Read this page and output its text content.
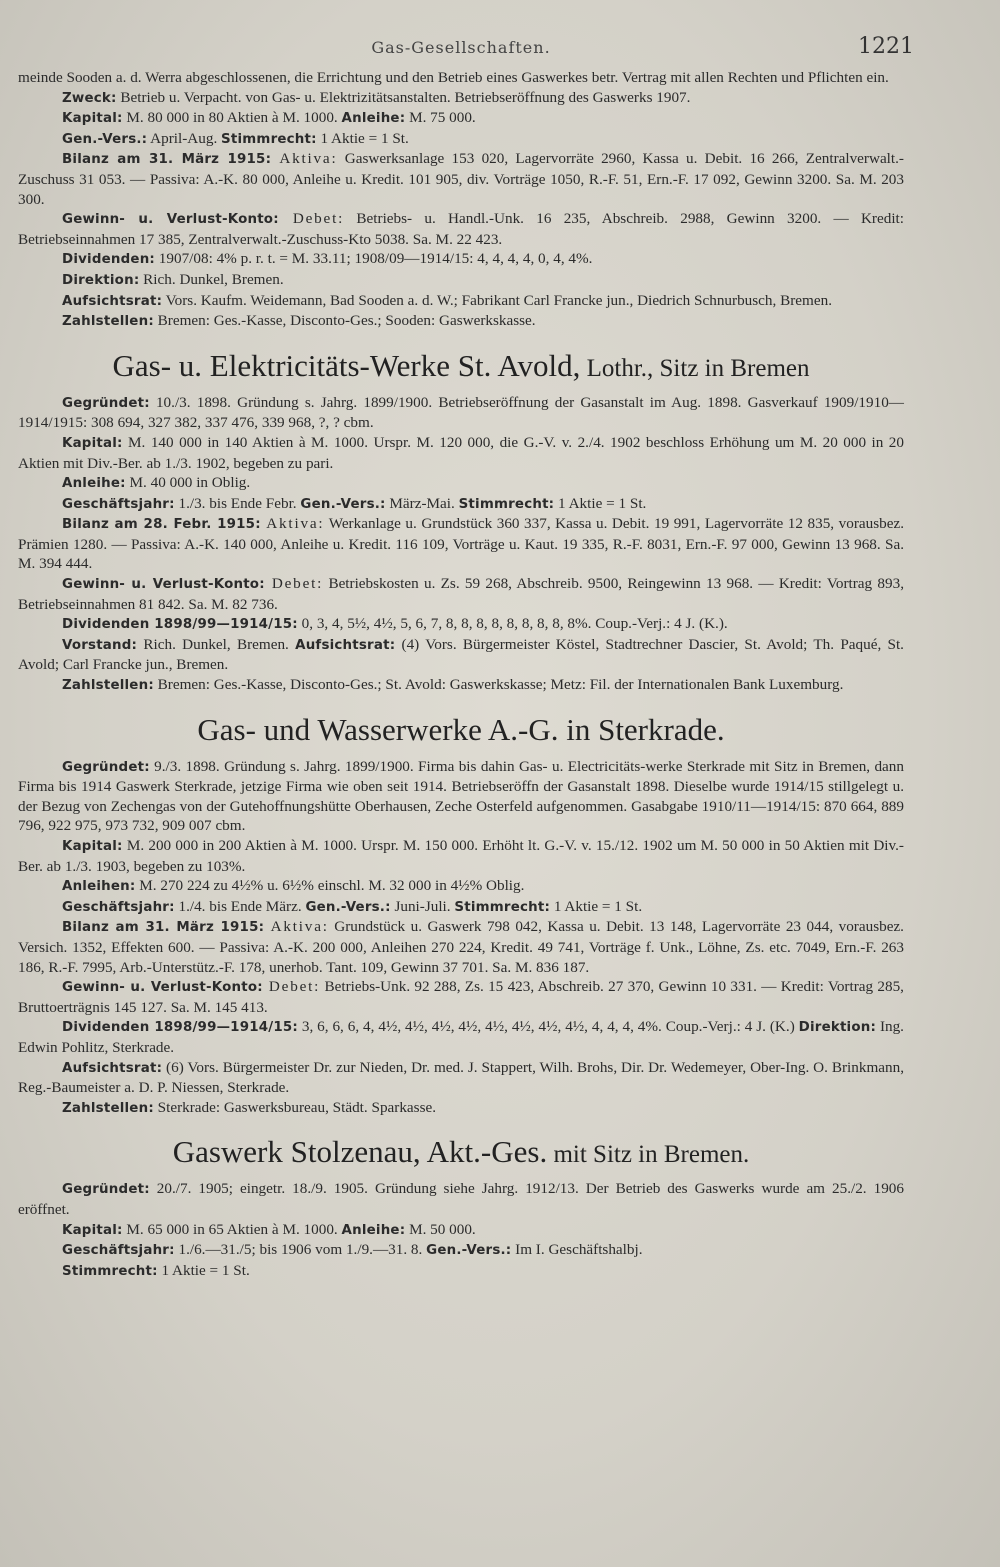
Gas-Gesellschaften.	1221

meinde Sooden a. d. Werra abgeschlossenen, die Errichtung und den Betrieb eines Gaswerkes betr. Vertrag mit allen Rechten und Pflichten ein.

Zweck: Betrieb u. Verpacht. von Gas- u. Elektrizitätsanstalten. Betriebseröffnung des Gaswerks 1907.

Kapital: M. 80 000 in 80 Aktien à M. 1000. Anleihe: M. 75 000.

Gen.-Vers.: April-Aug. Stimmrecht: 1 Aktie = 1 St.

Bilanz am 31. März 1915: Aktiva: Gaswerksanlage 153 020, Lagervorräte 2960, Kassa u. Debit. 16 266, Zentralverwalt.-Zuschuss 31 053. — Passiva: A.-K. 80 000, Anleihe u. Kredit. 101 905, div. Vorträge 1050, R.-F. 51, Ern.-F. 17 092, Gewinn 3200. Sa. M. 203 300.

Gewinn- u. Verlust-Konto: Debet: Betriebs- u. Handl.-Unk. 16 235, Abschreib. 2988, Gewinn 3200. — Kredit: Betriebseinnahmen 17 385, Zentralverwalt.-Zuschuss-Kto 5038. Sa. M. 22 423.

Dividenden: 1907/08: 4% p. r. t. = M. 33.11; 1908/09—1914/15: 4, 4, 4, 4, 0, 4, 4%.

Direktion: Rich. Dunkel, Bremen.

Aufsichtsrat: Vors. Kaufm. Weidemann, Bad Sooden a. d. W.; Fabrikant Carl Francke jun., Diedrich Schnurbusch, Bremen.

Zahlstellen: Bremen: Ges.-Kasse, Disconto-Ges.; Sooden: Gaswerkskasse.

Gas- u. Elektricitäts-Werke St. Avold, Lothr., Sitz in Bremen

Gegründet: 10./3. 1898. Gründung s. Jahrg. 1899/1900. Betriebseröffnung der Gasanstalt im Aug. 1898. Gasverkauf 1909/1910—1914/1915: 308 694, 327 382, 337 476, 339 968, ?, ? cbm.

Kapital: M. 140 000 in 140 Aktien à M. 1000. Urspr. M. 120 000, die G.-V. v. 2./4. 1902 beschloss Erhöhung um M. 20 000 in 20 Aktien mit Div.-Ber. ab 1./3. 1902, begeben zu pari.

Anleihe: M. 40 000 in Oblig.

Geschäftsjahr: 1./3. bis Ende Febr. Gen.-Vers.: März-Mai. Stimmrecht: 1 Aktie = 1 St.

Bilanz am 28. Febr. 1915: Aktiva: Werkanlage u. Grundstück 360 337, Kassa u. Debit. 19 991, Lagervorräte 12 835, vorausbez. Prämien 1280. — Passiva: A.-K. 140 000, Anleihe u. Kredit. 116 109, Vorträge u. Kaut. 19 335, R.-F. 8031, Ern.-F. 97 000, Gewinn 13 968. Sa. M. 394 444.

Gewinn- u. Verlust-Konto: Debet: Betriebskosten u. Zs. 59 268, Abschreib. 9500, Reingewinn 13 968. — Kredit: Vortrag 893, Betriebseinnahmen 81 842. Sa. M. 82 736.

Dividenden 1898/99—1914/15: 0, 3, 4, 5½, 4½, 5, 6, 7, 8, 8, 8, 8, 8, 8, 8, 8, 8%. Coup.-Verj.: 4 J. (K.).

Vorstand: Rich. Dunkel, Bremen. Aufsichtsrat: (4) Vors. Bürgermeister Köstel, Stadtrechner Dascier, St. Avold; Th. Paqué, St. Avold; Carl Francke jun., Bremen.

Zahlstellen: Bremen: Ges.-Kasse, Disconto-Ges.; St. Avold: Gaswerkskasse; Metz: Fil. der Internationalen Bank Luxemburg.

Gas- und Wasserwerke A.-G. in Sterkrade.

Gegründet: 9./3. 1898. Gründung s. Jahrg. 1899/1900. Firma bis dahin Gas- u. Electricitäts-werke Sterkrade mit Sitz in Bremen, dann Firma bis 1914 Gaswerk Sterkrade, jetzige Firma wie oben seit 1914. Betriebseröffn der Gasanstalt 1898. Dieselbe wurde 1914/15 stillgelegt u. der Bezug von Zechengas von der Gutehoffnungshütte Oberhausen, Zeche Osterfeld aufgenommen. Gasabgabe 1910/11—1914/15: 870 664, 889 796, 922 975, 973 732, 909 007 cbm.

Kapital: M. 200 000 in 200 Aktien à M. 1000. Urspr. M. 150 000. Erhöht lt. G.-V. v. 15./12. 1902 um M. 50 000 in 50 Aktien mit Div.-Ber. ab 1./3. 1903, begeben zu 103%.

Anleihen: M. 270 224 zu 4½% u. 6½% einschl. M. 32 000 in 4½% Oblig.

Geschäftsjahr: 1./4. bis Ende März. Gen.-Vers.: Juni-Juli. Stimmrecht: 1 Aktie = 1 St.

Bilanz am 31. März 1915: Aktiva: Grundstück u. Gaswerk 798 042, Kassa u. Debit. 13 148, Lagervorräte 23 044, vorausbez. Versich. 1352, Effekten 600. — Passiva: A.-K. 200 000, Anleihen 270 224, Kredit. 49 741, Vorträge f. Unk., Löhne, Zs. etc. 7049, Ern.-F. 263 186, R.-F. 7995, Arb.-Unterstütz.-F. 178, unerhob. Tant. 109, Gewinn 37 701. Sa. M. 836 187.

Gewinn- u. Verlust-Konto: Debet: Betriebs-Unk. 92 288, Zs. 15 423, Abschreib. 27 370, Gewinn 10 331. — Kredit: Vortrag 285, Bruttoerträgnis 145 127. Sa. M. 145 413.

Dividenden 1898/99—1914/15: 3, 6, 6, 6, 4, 4½, 4½, 4½, 4½, 4½, 4½, 4½, 4½, 4, 4, 4, 4%. Coup.-Verj.: 4 J. (K.) Direktion: Ing. Edwin Pohlitz, Sterkrade.

Aufsichtsrat: (6) Vors. Bürgermeister Dr. zur Nieden, Dr. med. J. Stappert, Wilh. Brohs, Dir. Dr. Wedemeyer, Ober-Ing. O. Brinkmann, Reg.-Baumeister a. D. P. Niessen, Sterkrade.

Zahlstellen: Sterkrade: Gaswerksbureau, Städt. Sparkasse.

Gaswerk Stolzenau, Akt.-Ges. mit Sitz in Bremen.

Gegründet: 20./7. 1905; eingetr. 18./9. 1905. Gründung siehe Jahrg. 1912/13. Der Betrieb des Gaswerks wurde am 25./2. 1906 eröffnet.

Kapital: M. 65 000 in 65 Aktien à M. 1000. Anleihe: M. 50 000.

Geschäftsjahr: 1./6.—31./5; bis 1906 vom 1./9.—31. 8. Gen.-Vers.: Im I. Geschäftshalbj.

Stimmrecht: 1 Aktie = 1 St.
